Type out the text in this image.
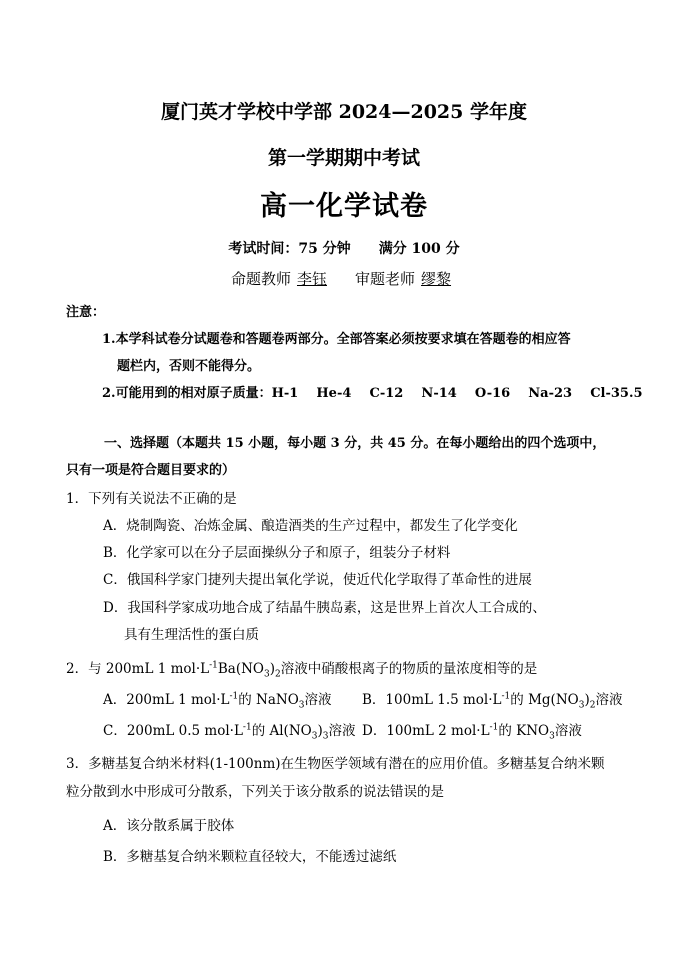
厦门英才学校中学部 2024—2025 学年度
第一学期期中考试
高一化学试卷
考试时间：75 分钟 满分 100 分
命题教师 李钰 审题老师 缪黎
注意：
1.本学科试卷分试题卷和答题卷两部分。全部答案必须按要求填在答题卷的相应答
题栏内，否则不能得分。
2.可能用到的相对原子质量：H-1    He-4    C-12    N-14    O-16    Na-23    Cl-35.5
一、选择题（本题共 15 小题，每小题 3 分，共 45 分。在每小题给出的四个选项中，
只有一项是符合题目要求的）
1．下列有关说法不正确的是
A．烧制陶瓷、冶炼金属、酿造酒类的生产过程中，都发生了化学变化
B．化学家可以在分子层面操纵分子和原子，组装分子材料
C．俄国科学家门捷列夫提出氧化学说，使近代化学取得了革命性的进展
D．我国科学家成功地合成了结晶牛胰岛素，这是世界上首次人工合成的、
具有生理活性的蛋白质
2．与 200mL 1 $mol\cdot L^{-1}Ba(NO_3)_2$溶液中硝酸根离子的物质的量浓度相等的是
A．200mL 1 $mol\cdot L^{-1}$的 NaNO$_3$溶液 B．100mL 1.5 $mol\cdot L^{-1}$的 $Mg(NO_3)_2$溶液
C．200mL 0.5 $mol\cdot L^{-1}$的 $Al(NO_3)_3$溶液 D．100mL 2 $mol\cdot L^{-1}$的 $KNO_3$溶液
3．多糖基复合纳米材料(1-100nm)在生物医学领域有潜在的应用价值。多糖基复合纳米颗
粒分散到水中形成可分散系，下列关于该分散系的说法错误的是
A．该分散系属于胶体
B．多糖基复合纳米颗粒直径较大，不能透过滤纸
